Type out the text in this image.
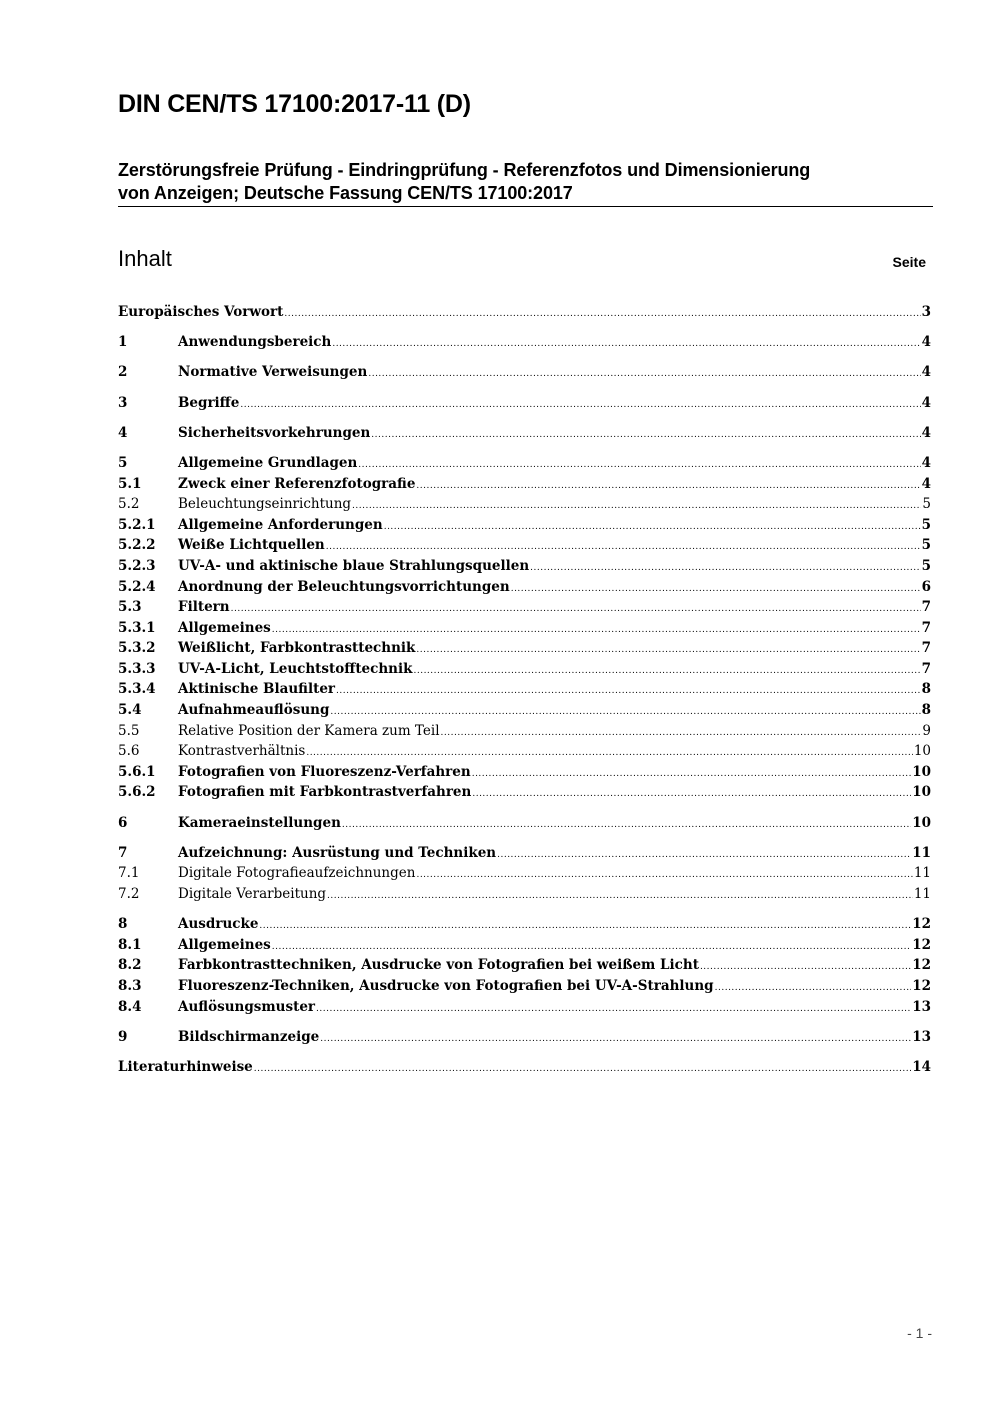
DIN CEN/TS 17100:2017-11 (D)
Zerstörungsfreie Prüfung - Eindringprüfung - Referenzfotos und Dimensionierung
von Anzeigen; Deutsche Fassung CEN/TS 17100:2017
Inhalt	Seite
Europäisches Vorwort .....	3
1	Anwendungsbereich .....	4
2	Normative Verweisungen .....	4
3	Begriffe .....	4
4	Sicherheitsvorkehrungen .....	4
5	Allgemeine Grundlagen .....	4
5.1	Zweck einer Referenzfotografie .....	4
5.2	Beleuchtungseinrichtung .....	5
5.2.1	Allgemeine Anforderungen .....	5
5.2.2	Weiße Lichtquellen .....	5
5.2.3	UV-A- und aktinische blaue Strahlungsquellen .....	5
5.2.4	Anordnung der Beleuchtungsvorrichtungen .....	6
5.3	Filtern .....	7
5.3.1	Allgemeines .....	7
5.3.2	Weißlicht, Farbkontrasttechnik .....	7
5.3.3	UV-A-Licht, Leuchtstofftechnik .....	7
5.3.4	Aktinische Blaufilter .....	8
5.4	Aufnahmeauflösung .....	8
5.5	Relative Position der Kamera zum Teil .....	9
5.6	Kontrastverhältnis .....	10
5.6.1	Fotografien von Fluoreszenz-Verfahren .....	10
5.6.2	Fotografien mit Farbkontrastverfahren .....	10
6	Kameraeinstellungen .....	10
7	Aufzeichnung: Ausrüstung und Techniken .....	11
7.1	Digitale Fotografieaufzeichnungen .....	11
7.2	Digitale Verarbeitung .....	11
8	Ausdrucke .....	12
8.1	Allgemeines .....	12
8.2	Farbkontrasttechniken, Ausdrucke von Fotografien bei weißem Licht .....	12
8.3	Fluoreszenz-Techniken, Ausdrucke von Fotografien bei UV-A-Strahlung .....	12
8.4	Auflösungsmuster .....	13
9	Bildschirmanzeige .....	13
Literaturhinweise .....	14
- 1 -
